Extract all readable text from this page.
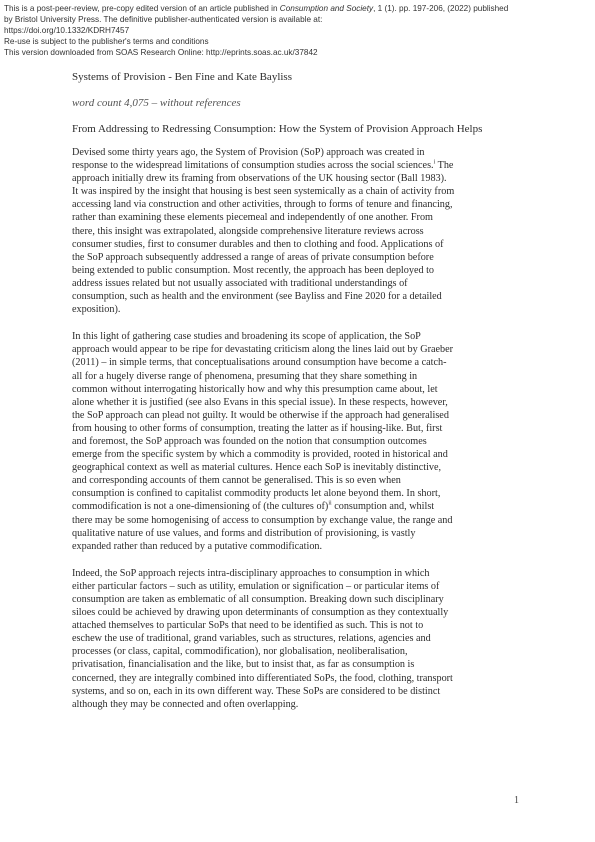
This is a post-peer-review, pre-copy edited version of an article published in Consumption and Society, 1 (1). pp. 197-206, (2022) published
by Bristol University Press. The definitive publisher-authenticated version is available at:
https://doi.org/10.1332/KDRH7457
Re-use is subject to the publisher's terms and conditions
This version downloaded from SOAS Research Online: http://eprints.soas.ac.uk/37842
Systems of Provision - Ben Fine and Kate Bayliss
word count 4,075 – without references
From Addressing to Redressing Consumption: How the System of Provision Approach Helps
Devised some thirty years ago, the System of Provision (SoP) approach was created in
response to the widespread limitations of consumption studies across the social sciences.$^i$ The
approach initially drew its framing from observations of the UK housing sector (Ball 1983).
It was inspired by the insight that housing is best seen systemically as a chain of activity from
accessing land via construction and other activities, through to forms of tenure and financing,
rather than examining these elements piecemeal and independently of one another. From
there, this insight was extrapolated, alongside comprehensive literature reviews across
consumer studies, first to consumer durables and then to clothing and food. Applications of
the SoP approach subsequently addressed a range of areas of private consumption before
being extended to public consumption. Most recently, the approach has been deployed to
address issues related but not usually associated with traditional understandings of
consumption, such as health and the environment (see Bayliss and Fine 2020 for a detailed
exposition).
In this light of gathering case studies and broadening its scope of application, the SoP
approach would appear to be ripe for devastating criticism along the lines laid out by Graeber
(2011) – in simple terms, that conceptualisations around consumption have become a catch-
all for a hugely diverse range of phenomena, presuming that they share something in
common without interrogating historically how and why this presumption came about, let
alone whether it is justified (see also Evans in this special issue). In these respects, however,
the SoP approach can plead not guilty. It would be otherwise if the approach had generalised
from housing to other forms of consumption, treating the latter as if housing-like. But, first
and foremost, the SoP approach was founded on the notion that consumption outcomes
emerge from the specific system by which a commodity is provided, rooted in historical and
geographical context as well as material cultures. Hence each SoP is inevitably distinctive,
and corresponding accounts of them cannot be generalised. This is so even when
consumption is confined to capitalist commodity products let alone beyond them. In short,
commodification is not a one-dimensioning of (the cultures of)$^{ii}$ consumption and, whilst
there may be some homogenising of access to consumption by exchange value, the range and
qualitative nature of use values, and forms and distribution of provisioning, is vastly
expanded rather than reduced by a putative commodification.
Indeed, the SoP approach rejects intra-disciplinary approaches to consumption in which
either particular factors – such as utility, emulation or signification – or particular items of
consumption are taken as emblematic of all consumption. Breaking down such disciplinary
siloes could be achieved by drawing upon determinants of consumption as they contextually
attached themselves to particular SoPs that need to be identified as such. This is not to
eschew the use of traditional, grand variables, such as structures, relations, agencies and
processes (or class, capital, commodification), nor globalisation, neoliberalisation,
privatisation, financialisation and the like, but to insist that, as far as consumption is
concerned, they are integrally combined into differentiated SoPs, the food, clothing, transport
systems, and so on, each in its own different way. These SoPs are considered to be distinct
although they may be connected and often overlapping.
1
